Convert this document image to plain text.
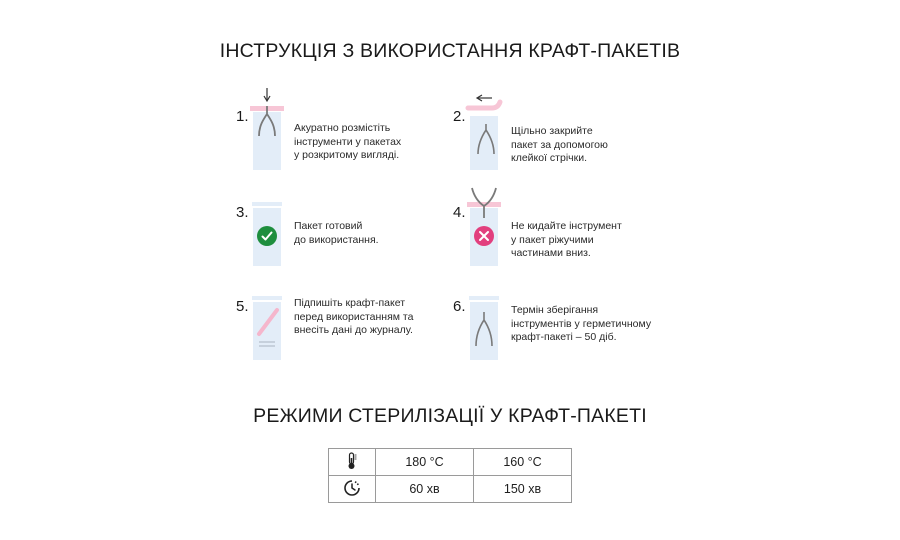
ІНСТРУКЦІЯ З ВИКОРИСТАННЯ КРАФТ-ПАКЕТІВ
1.
Акуратно розмістіть
інструменти у пакетах
у розкритому вигляді.
2.
Щільно закрийте
пакет за допомогою
клейкої стрічки.
3.
Пакет готовий
до використання.
4.
Не кидайте інструмент
у пакет ріжучими
частинами вниз.
5.	Підпишіть крафт-пакет
перед використанням та
внесіть дані до журналу.
6.	Термін зберігання
інструментів у герметичному
крафт-пакеті – 50 діб.
РЕЖИМИ СТЕРИЛІЗАЦІЇ У КРАФТ-ПАКЕТІ
	180 °C	160 °C
	60 хв	150 хв
